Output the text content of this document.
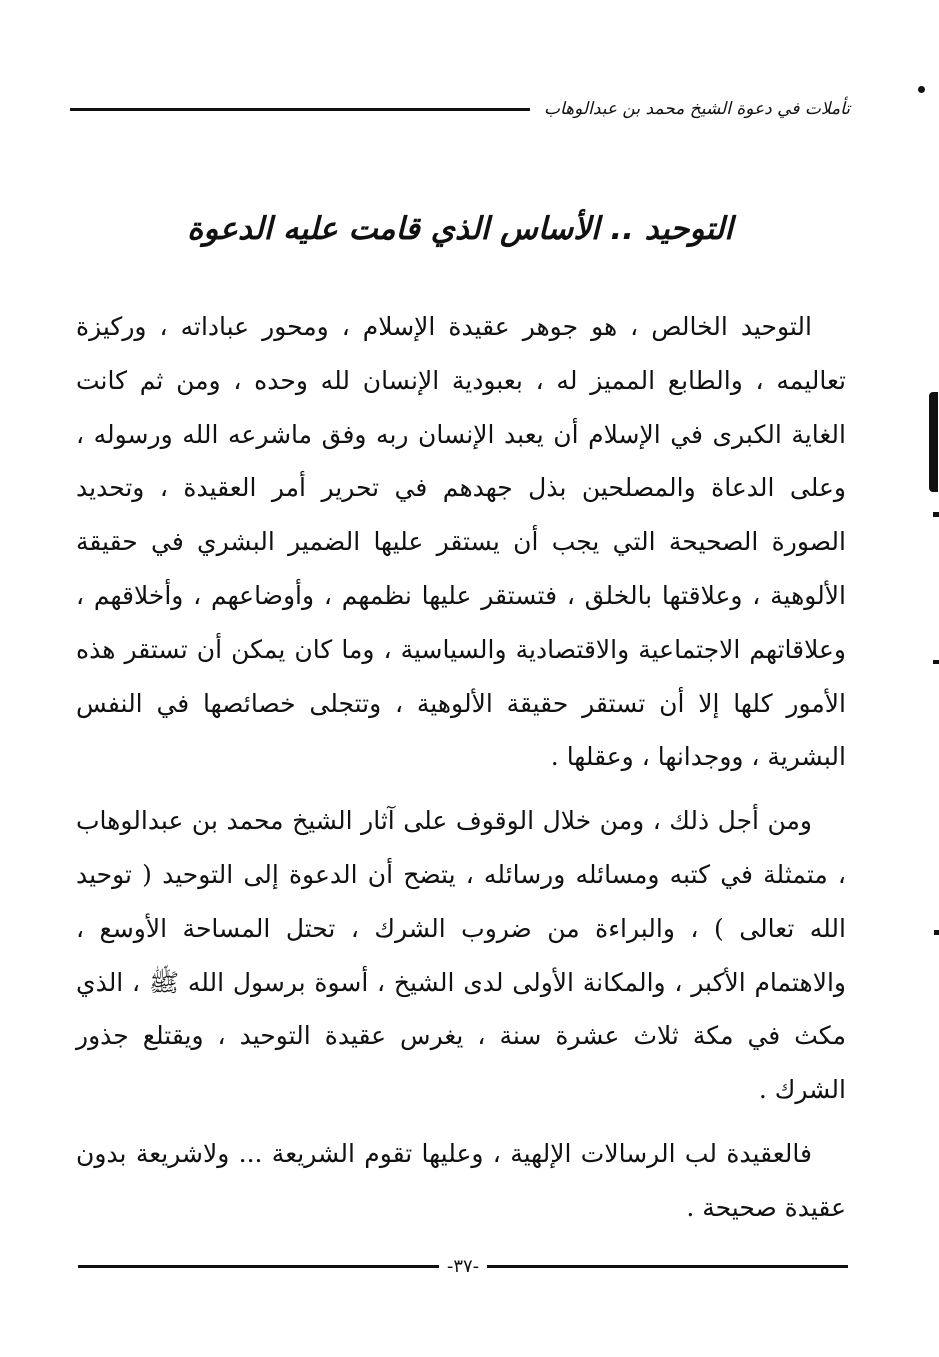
تأملات في دعوة الشيخ محمد بن عبدالوهاب
التوحيد .. الأساس الذي قامت عليه الدعوة

التوحيد الخالص ، هو جوهر عقيدة الإسلام ، ومحور عباداته ، وركيزة تعاليمه ، والطابع المميز له ، بعبودية الإنسان لله وحده ، ومن ثم كانت الغاية الكبرى في الإسلام أن يعبد الإنسان ربه وفق ماشرعه الله ورسوله ، وعلى الدعاة والمصلحين بذل جهدهم في تحرير أمر العقيدة ، وتحديد الصورة الصحيحة التي يجب أن يستقر عليها الضمير البشري في حقيقة الألوهية ، وعلاقتها بالخلق ، فتستقر عليها نظمهم ، وأوضاعهم ، وأخلاقهم ، وعلاقاتهم الاجتماعية والاقتصادية والسياسية ، وما كان يمكن أن تستقر هذه الأمور كلها إلا أن تستقر حقيقة الألوهية ، وتتجلى خصائصها في النفس البشرية ، ووجدانها ، وعقلها .

ومن أجل ذلك ، ومن خلال الوقوف على آثار الشيخ محمد بن عبدالوهاب ، متمثلة في كتبه ومسائله ورسائله ، يتضح أن الدعوة إلى التوحيد ( توحيد الله تعالى ) ، والبراءة من ضروب الشرك ، تحتل المساحة الأوسع ، والاهتمام الأكبر ، والمكانة الأولى لدى الشيخ ، أسوة برسول الله ﷺ ، الذي مكث في مكة ثلاث عشرة سنة ، يغرس عقيدة التوحيد ، ويقتلع جذور الشرك .

فالعقيدة لب الرسالات الإلهية ، وعليها تقوم الشريعة ... ولاشريعة بدون عقيدة صحيحة .

-٣٧-
